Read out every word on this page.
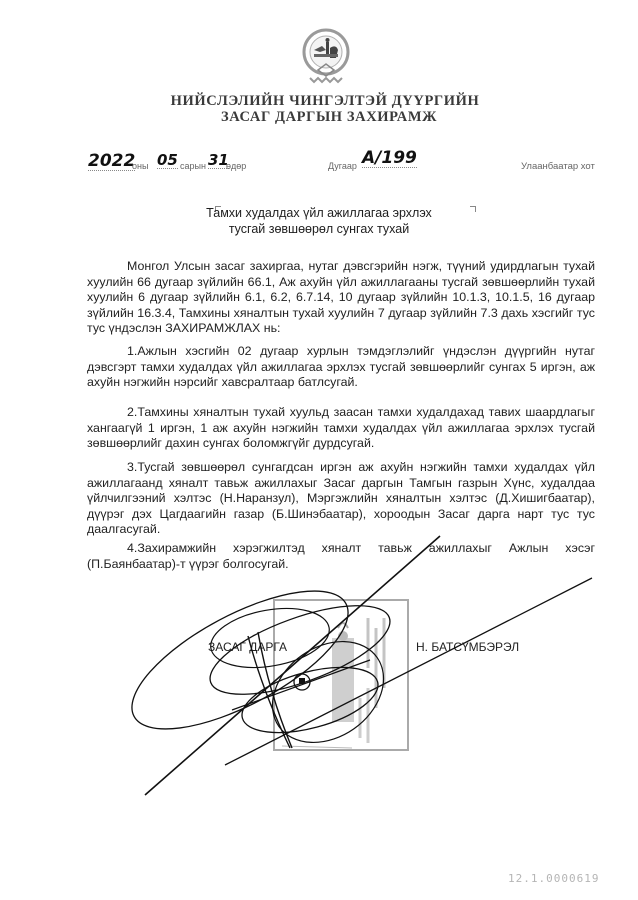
НИЙСЛЭЛИЙН ЧИНГЭЛТЭЙ ДҮҮРГИЙН
ЗАСАГ ДАРГЫН ЗАХИРАМЖ
2022
оны 05 сарын 31
өдөр	Дугаар А/199	Улаанбаатар хот
Тамхи худалдах үйл ажиллагаа эрхлэх
тусгай зөвшөөрөл сунгах тухай
Монгол Улсын засаг захиргаа, нутаг дэвсгэрийн нэгж, түүний удирдлагын тухай хуулийн 66 дугаар зүйлийн 66.1, Аж ахуйн үйл ажиллагааны тусгай зөвшөөрлийн тухай хуулийн 6 дугаар зүйлийн 6.1, 6.2, 6.7.14, 10 дугаар зүйлийн 10.1.3, 10.1.5, 16 дугаар зүйлийн 16.3.4, Тамхины хяналтын тухай хуулийн 7 дугаар зүйлийн 7.3 дахь хэсгийг тус тус үндэслэн ЗАХИРАМЖЛАХ нь:
1.Ажлын хэсгийн 02 дугаар хурлын тэмдэглэлийг үндэслэн дүүргийн нутаг дэвсгэрт тамхи худалдах үйл ажиллагаа эрхлэх тусгай зөвшөөрлийг сунгах 5 иргэн, аж ахуйн нэгжийн нэрсийг хавсралтаар батлсугай.
2.Тамхины хяналтын тухай хуульд заасан тамхи худалдахад тавих шаардлагыг хангаагүй 1 иргэн, 1 аж ахуйн нэгжийн тамхи худалдах үйл ажиллагаа эрхлэх тусгай зөвшөөрлийг дахин сунгах боломжгүйг дурдсугай.
3.Тусгай зөвшөөрөл сунгагдсан иргэн аж ахуйн нэгжийн тамхи худалдах үйл ажиллагаанд хяналт тавьж ажиллахыг Засаг даргын Тамгын газрын Хүнс, худалдаа үйлчилгээний хэлтэс (Н.Наранзул), Мэргэжлийн хяналтын хэлтэс (Д.Хишигбаатар), дүүрэг дэх Цагдаагийн газар (Б.Шинэбаатар), хороодын Засаг дарга нарт тус тус даалгасугай.
4.Захирамжийн хэрэгжилтэд хяналт тавьж ажиллахыг Ажлын хэсэг (П.Баянбаатар)-т үүрэг болгосугай.
ЗАСАГ ДАРГА	Н. БАТСҮМБЭРЭЛ
12.1.0000619
